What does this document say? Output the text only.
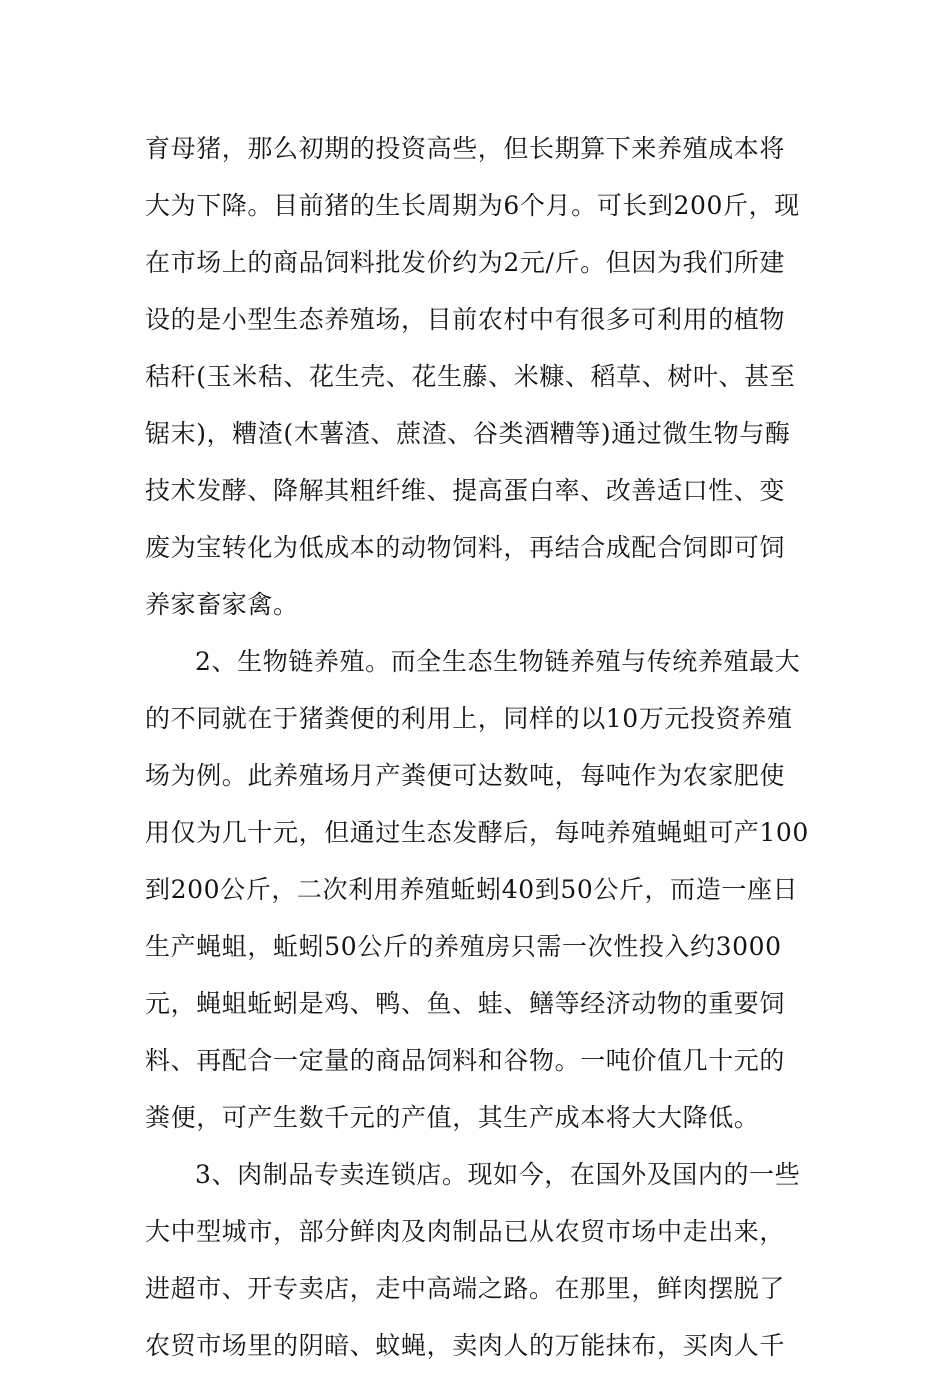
育母猪，那么初期的投资高些，但长期算下来养殖成本将
大为下降。目前猪的生长周期为6个月。可长到200斤，现
在市场上的商品饲料批发价约为2元/斤。但因为我们所建
设的是小型生态养殖场，目前农村中有很多可利用的植物
秸秆(玉米秸、花生壳、花生藤、米糠、稻草、树叶、甚至
锯末)，糟渣(木薯渣、蔗渣、谷类酒糟等)通过微生物与酶
技术发酵、降解其粗纤维、提高蛋白率、改善适口性、变
废为宝转化为低成本的动物饲料，再结合成配合饲即可饲
养家畜家禽。
2、生物链养殖。而全生态生物链养殖与传统养殖最大
的不同就在于猪粪便的利用上，同样的以10万元投资养殖
场为例。此养殖场月产粪便可达数吨，每吨作为农家肥使
用仅为几十元，但通过生态发酵后，每吨养殖蝇蛆可产100
到200公斤，二次利用养殖蚯蚓40到50公斤，而造一座日
生产蝇蛆，蚯蚓50公斤的养殖房只需一次性投入约3000
元，蝇蛆蚯蚓是鸡、鸭、鱼、蛙、鳝等经济动物的重要饲
料、再配合一定量的商品饲料和谷物。一吨价值几十元的
粪便，可产生数千元的产值，其生产成本将大大降低。
3、肉制品专卖连锁店。现如今，在国外及国内的一些
大中型城市，部分鲜肉及肉制品已从农贸市场中走出来，
进超市、开专卖店，走中高端之路。在那里，鲜肉摆脱了
农贸市场里的阴暗、蚊蝇，卖肉人的万能抹布，买肉人千
